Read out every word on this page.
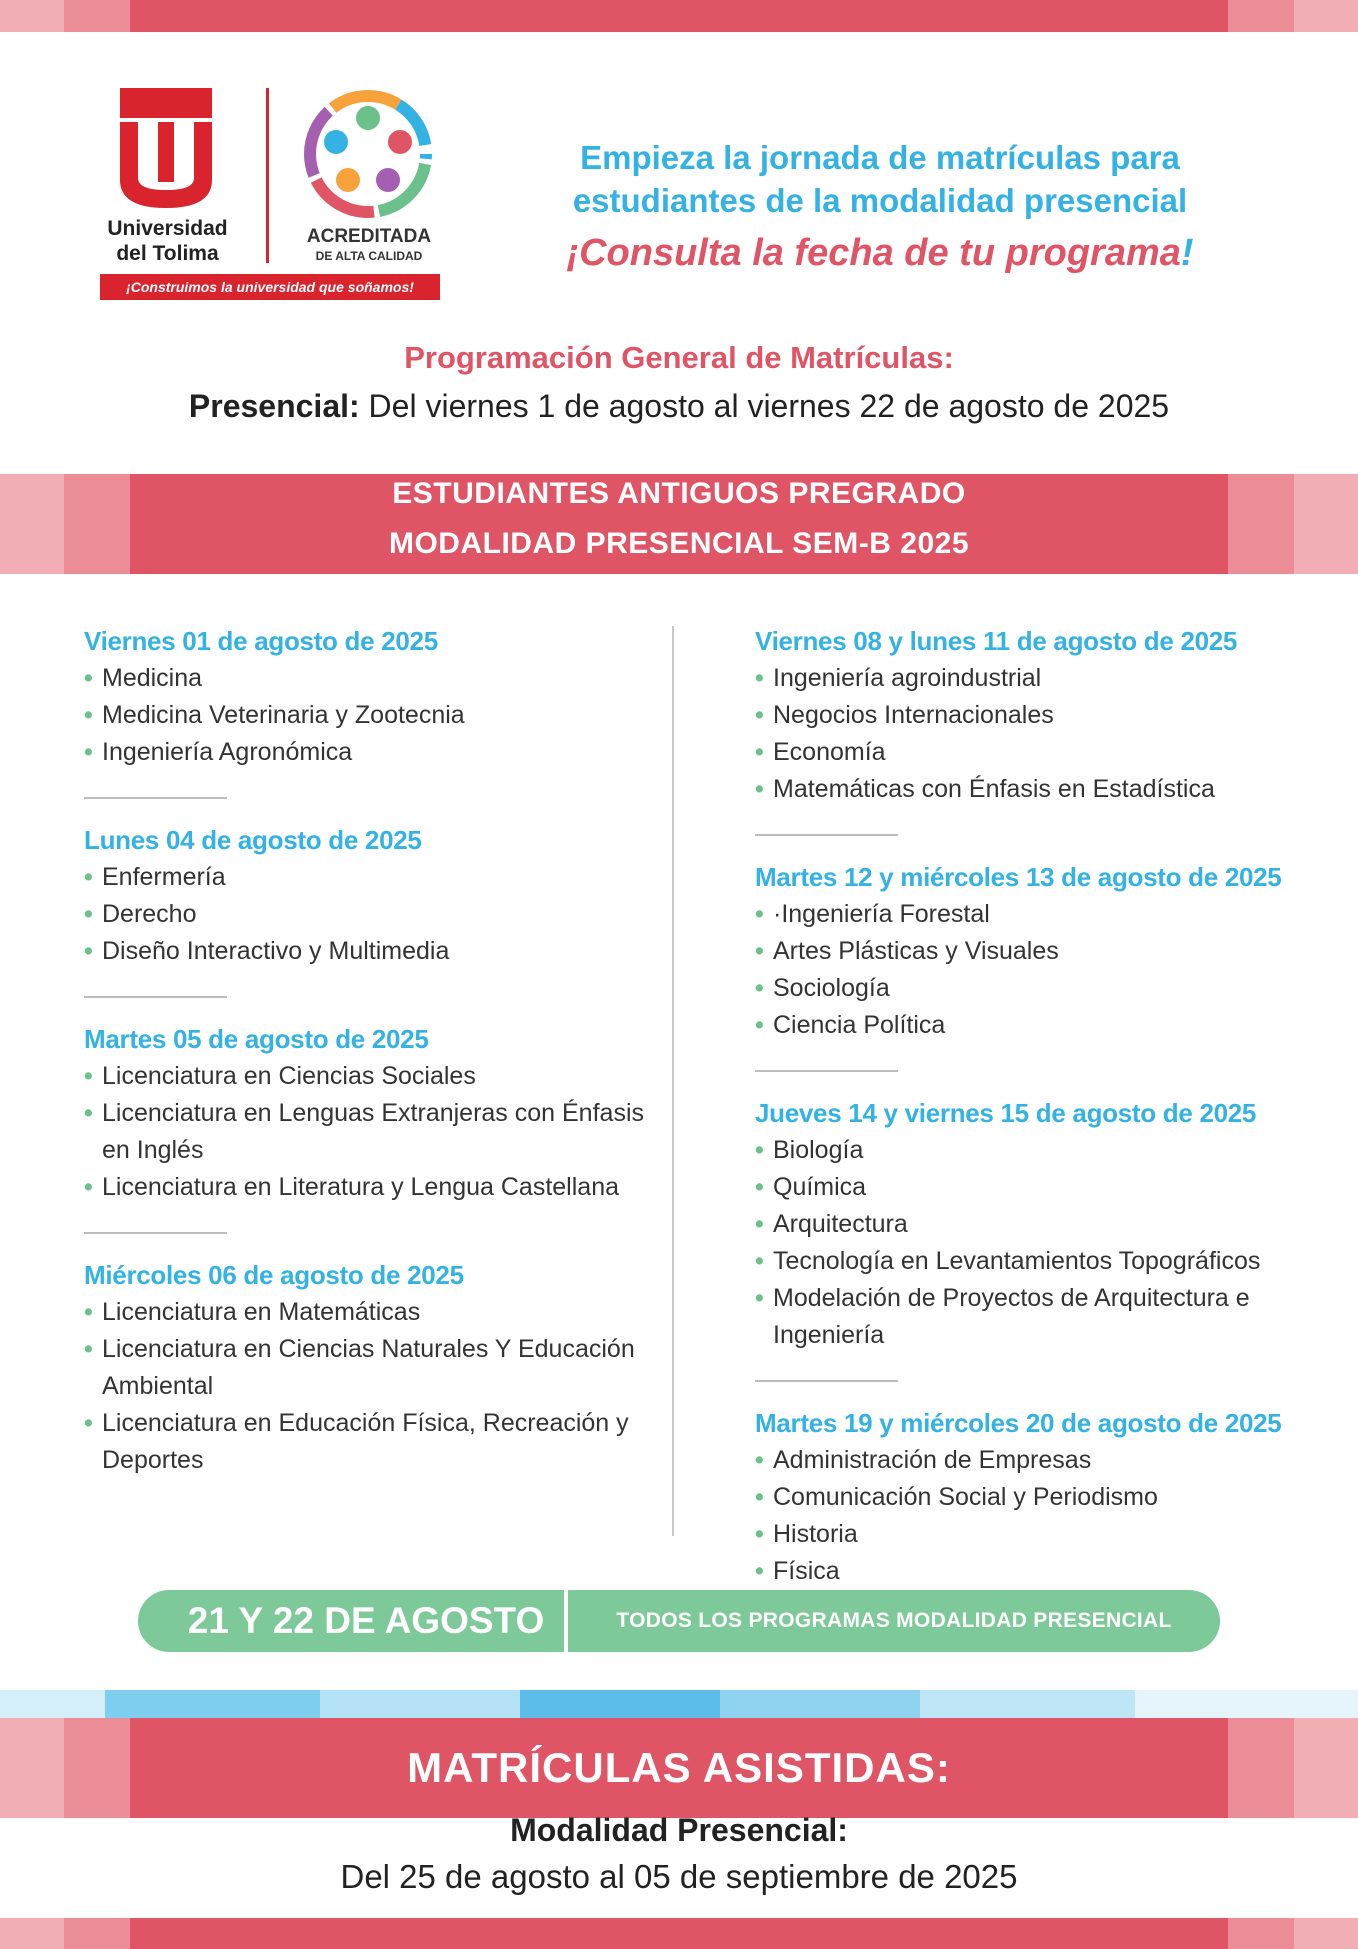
Universidad
del Tolima
ACREDITADA
DE ALTA CALIDAD
¡Construimos la universidad que soñamos!
Empieza la jornada de matrículas para
estudiantes de la modalidad presencial
¡Consulta la fecha de tu programa!
Programación General de Matrículas:
Presencial: Del viernes 1 de agosto al viernes 22 de agosto de 2025
ESTUDIANTES ANTIGUOS PREGRADO
MODALIDAD PRESENCIAL SEM-B 2025
Viernes 01 de agosto de 2025
• Medicina
• Medicina Veterinaria y Zootecnia
• Ingeniería Agronómica
Lunes 04 de agosto de 2025
• Enfermería
• Derecho
• Diseño Interactivo y Multimedia
Martes 05 de agosto de 2025
• Licenciatura en Ciencias Sociales
• Licenciatura en Lenguas Extranjeras con Énfasis en Inglés
• Licenciatura en Literatura y Lengua Castellana
Miércoles 06 de agosto de 2025
• Licenciatura en Matemáticas
• Licenciatura en Ciencias Naturales Y Educación Ambiental
• Licenciatura en Educación Física, Recreación y Deportes
Viernes 08 y lunes 11 de agosto de 2025
• Ingeniería agroindustrial
• Negocios Internacionales
• Economía
• Matemáticas con Énfasis en Estadística
Martes 12 y miércoles 13 de agosto de 2025
• ·Ingeniería Forestal
• Artes Plásticas y Visuales
• Sociología
• Ciencia Política
Jueves 14 y viernes 15 de agosto de 2025
• Biología
• Química
• Arquitectura
• Tecnología en Levantamientos Topográficos
• Modelación de Proyectos de Arquitectura e Ingeniería
Martes 19 y miércoles 20 de agosto de 2025
• Administración de Empresas
• Comunicación Social y Periodismo
• Historia
• Física
21 Y 22 DE AGOSTO	TODOS LOS PROGRAMAS MODALIDAD PRESENCIAL
MATRÍCULAS ASISTIDAS:
Modalidad Presencial:
Del 25 de agosto al 05 de septiembre de 2025
